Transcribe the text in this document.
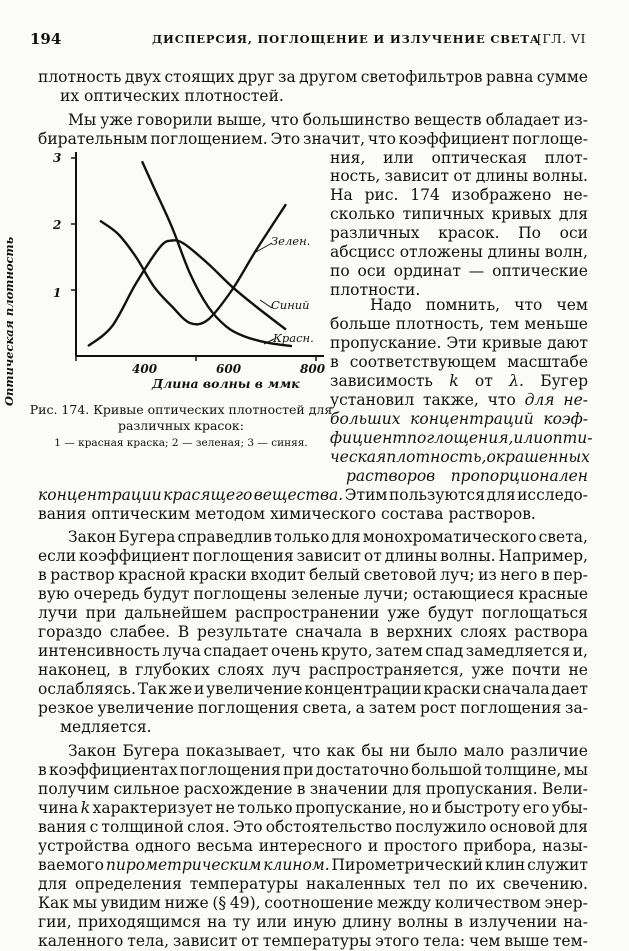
194	ДИСПЕРСИЯ, ПОГЛОЩЕНИЕ И ИЗЛУЧЕНИЕ СВЕТА
[ГЛ. VI
плотность двух стоящих друг за другом светофильтров равна сумме
их
оптических
плотностей.
Мы уже говорили выше, что большинство веществ обладает из-
бирательным поглощением. Это значит, что коэффициент поглоще-
ния, или оптическая плот-
ность, зависит от длины волны.
На рис. 174 изображено не-
сколько типичных кривых для
различных красок. По оси
абсцисс отложены длины волн,
по оси ординат — оптические
плотности.
Надо помнить, что чем
больше плотность, тем меньше
пропускание. Эти кривые дают
в соответствующем масштабе
зависимость k от λ. Бугер
установил также, что для не-
больших концентраций коэф-
фициент поглощения, или опти-
ческая плотность, окрашенных
растворов пропорционален
концентрации красящего вещества. Этим пользуются для исследо-
вания
оптическим
методом
химического
состава
растворов.
Закон Бугера справедлив только для монохроматического света,
если коэффициент поглощения зависит от длины волны. Например,
в раствор красной краски входит белый световой луч; из него в пер-
вую очередь будут поглощены зеленые лучи; остающиеся красные
лучи при дальнейшем распространении уже будут поглощаться
гораздо слабее. В результате сначала в верхних слоях раствора
интенсивность луча спадает очень круто, затем спад замедляется и,
наконец, в глубоких слоях луч распространяется, уже почти не
ослабляясь. Так же и увеличение концентрации краски сначала дает
резкое увеличение поглощения света, а затем рост поглощения за-
медляется.
Закон Бугера показывает, что как бы ни было мало различие
в коэффициентах поглощения при достаточно большой толщине, мы
получим сильное расхождение в значении для пропускания. Вели-
чина k характеризует не только пропускание, но и быстроту его убы-
вания с толщиной слоя. Это обстоятельство послужило основой для
устройства одного весьма интересного и простого прибора, назы-
ваемого пирометрическим клином. Пирометрический клин служит
для определения температуры накаленных тел по их свечению.
Как мы увидим ниже (§ 49), соотношение между количеством энер-
гии, приходящимся на ту или иную длину волны в излучении на-
каленного тела, зависит от температуры этого тела: чем выше тем-
3
2
1
400	600	800
Оптическая плотность	Длина волны в ммк
Зелен.
Синий
Красн.
Рис. 174. Кривые оптических плотностей для различных красок:
1 — красная краска; 2 — зеленая; 3 — синяя.
